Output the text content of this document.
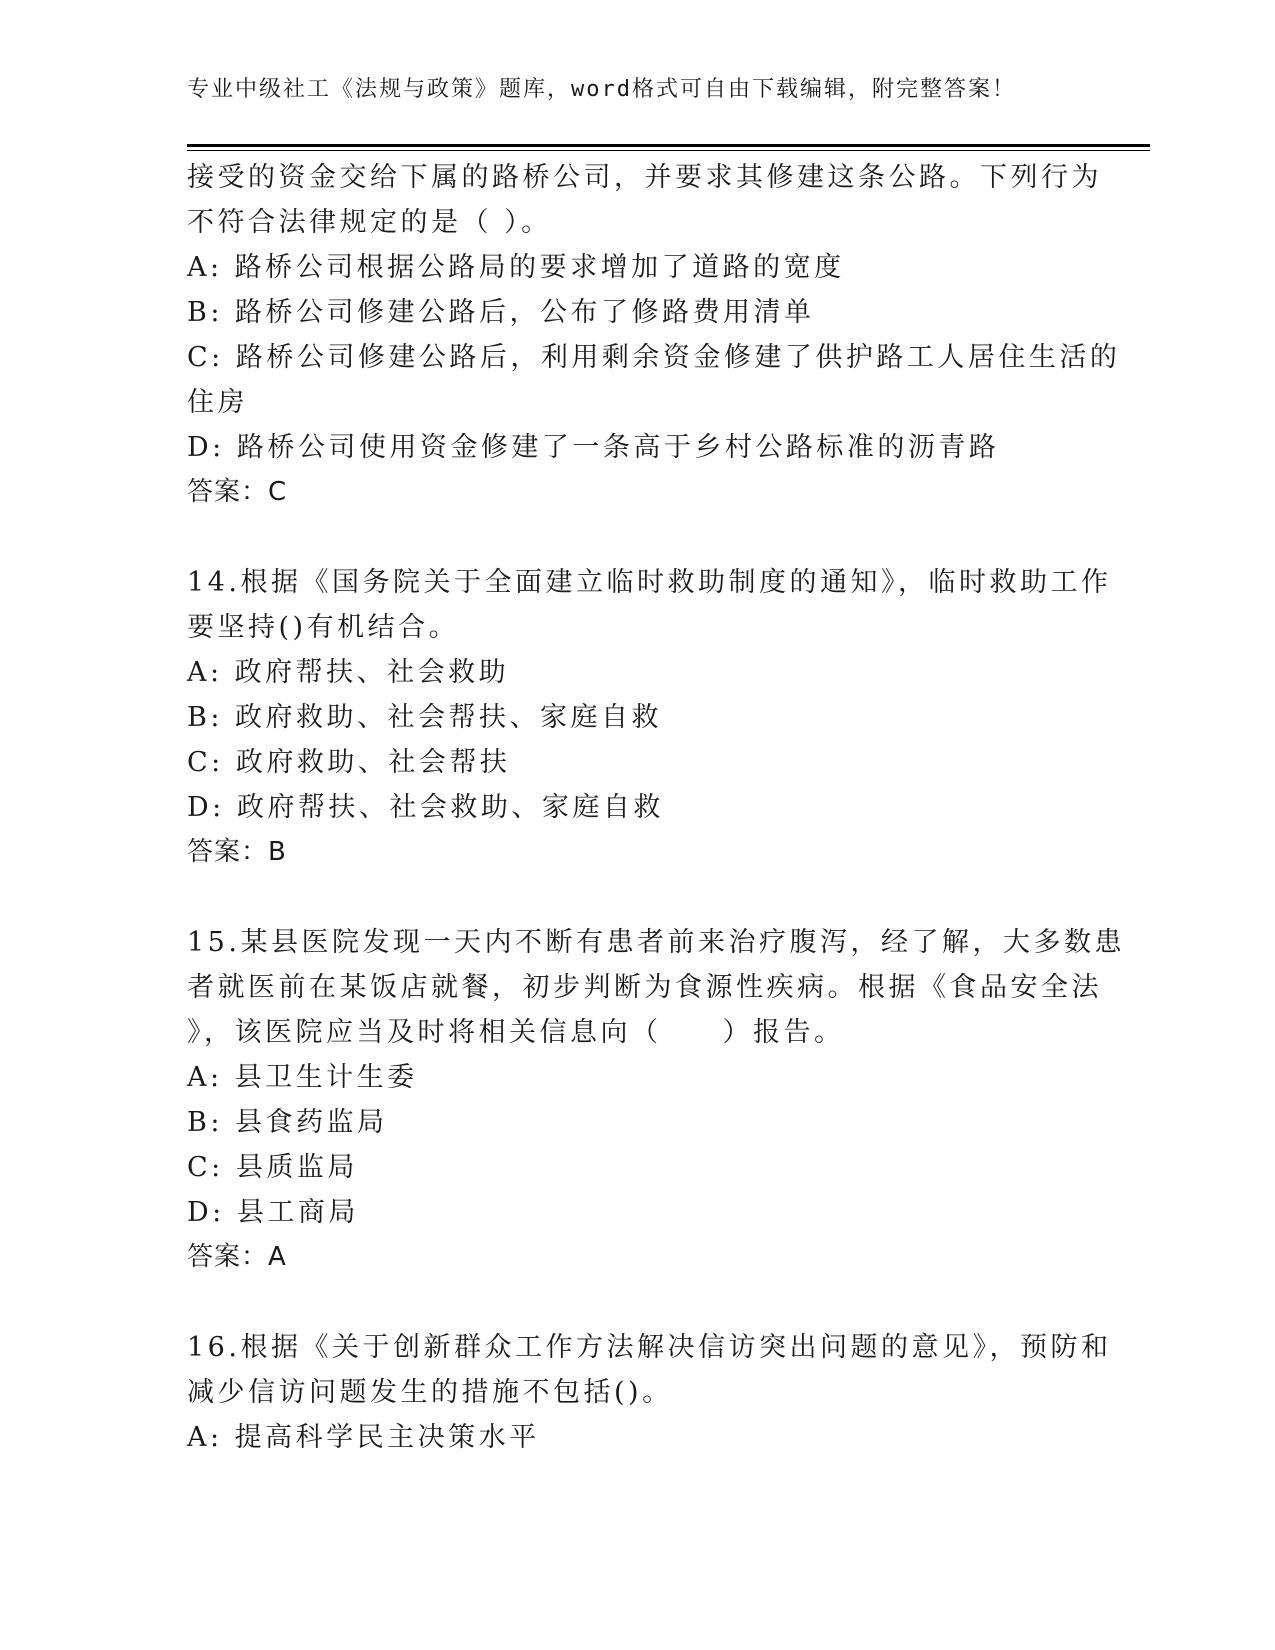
专业中级社工《法规与政策》题库，word格式可自由下载编辑，附完整答案！
接受的资金交给下属的路桥公司，并要求其修建这条公路。下列行为
不符合法律规定的是（ ）。
A: 路桥公司根据公路局的要求增加了道路的宽度
B: 路桥公司修建公路后，公布了修路费用清单
C: 路桥公司修建公路后，利用剩余资金修建了供护路工人居住生活的
住房
D: 路桥公司使用资金修建了一条高于乡村公路标准的沥青路
答案：C
14.根据《国务院关于全面建立临时救助制度的通知》，临时救助工作
要坚持()有机结合。
A: 政府帮扶、社会救助
B: 政府救助、社会帮扶、家庭自救
C: 政府救助、社会帮扶
D: 政府帮扶、社会救助、家庭自救
答案：B
15.某县医院发现一天内不断有患者前来治疗腹泻，经了解，大多数患
者就医前在某饭店就餐，初步判断为食源性疾病。根据《食品安全法
》，该医院应当及时将相关信息向（　　）报告。
A: 县卫生计生委
B: 县食药监局
C: 县质监局
D: 县工商局
答案：A
16.根据《关于创新群众工作方法解决信访突出问题的意见》，预防和
减少信访问题发生的措施不包括()。
A: 提高科学民主决策水平
